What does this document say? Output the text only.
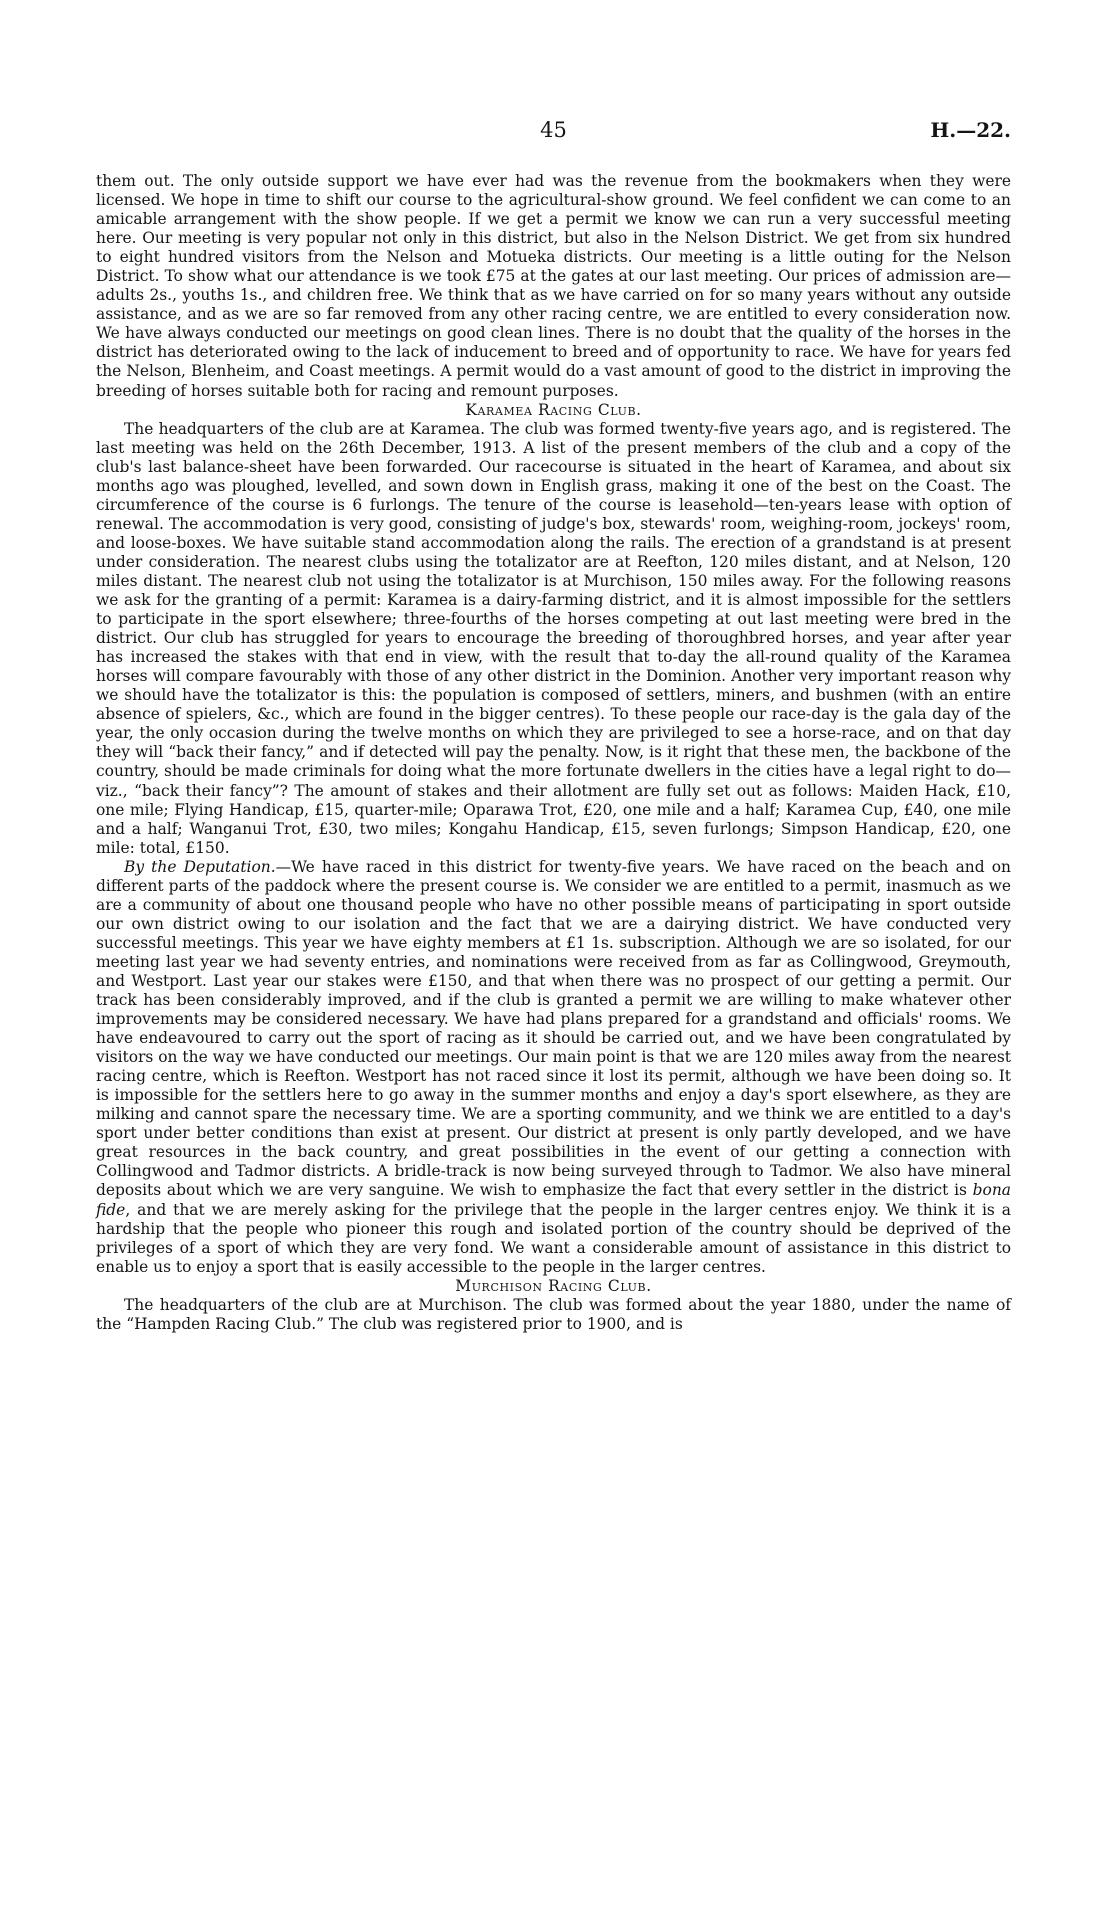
45	H.—22.

them out. The only outside support we have ever had was the revenue from the bookmakers when they were licensed. We hope in time to shift our course to the agricultural-show ground. We feel confident we can come to an amicable arrangement with the show people. If we get a permit we know we can run a very successful meeting here. Our meeting is very popular not only in this district, but also in the Nelson District. We get from six hundred to eight hundred visitors from the Nelson and Motueka districts. Our meeting is a little outing for the Nelson District. To show what our attendance is we took £75 at the gates at our last meeting. Our prices of admission are—adults 2s., youths 1s., and children free. We think that as we have carried on for so many years without any outside assistance, and as we are so far removed from any other racing centre, we are entitled to every consideration now. We have always conducted our meetings on good clean lines. There is no doubt that the quality of the horses in the district has deteriorated owing to the lack of inducement to breed and of opportunity to race. We have for years fed the Nelson, Blenheim, and Coast meetings. A permit would do a vast amount of good to the district in improving the breeding of horses suitable both for racing and remount purposes.

Karamea Racing Club.

The headquarters of the club are at Karamea. The club was formed twenty-five years ago, and is registered. The last meeting was held on the 26th December, 1913. A list of the present members of the club and a copy of the club's last balance-sheet have been forwarded. Our racecourse is situated in the heart of Karamea, and about six months ago was ploughed, levelled, and sown down in English grass, making it one of the best on the Coast. The circumference of the course is 6 furlongs. The tenure of the course is leasehold—ten-years lease with option of renewal. The accommodation is very good, consisting of judge's box, stewards' room, weighing-room, jockeys' room, and loose-boxes. We have suitable stand accommodation along the rails. The erection of a grandstand is at present under consideration. The nearest clubs using the totalizator are at Reefton, 120 miles distant, and at Nelson, 120 miles distant. The nearest club not using the totalizator is at Murchison, 150 miles away. For the following reasons we ask for the granting of a permit: Karamea is a dairy-farming district, and it is almost impossible for the settlers to participate in the sport elsewhere; three-fourths of the horses competing at out last meeting were bred in the district. Our club has struggled for years to encourage the breeding of thoroughbred horses, and year after year has increased the stakes with that end in view, with the result that to-day the all-round quality of the Karamea horses will compare favourably with those of any other district in the Dominion. Another very important reason why we should have the totalizator is this: the population is composed of settlers, miners, and bushmen (with an entire absence of spielers, &c., which are found in the bigger centres). To these people our race-day is the gala day of the year, the only occasion during the twelve months on which they are privileged to see a horse-race, and on that day they will “back their fancy,” and if detected will pay the penalty. Now, is it right that these men, the backbone of the country, should be made criminals for doing what the more fortunate dwellers in the cities have a legal right to do—viz., “back their fancy”? The amount of stakes and their allotment are fully set out as follows: Maiden Hack, £10, one mile; Flying Handicap, £15, quarter-mile; Oparawa Trot, £20, one mile and a half; Karamea Cup, £40, one mile and a half; Wanganui Trot, £30, two miles; Kongahu Handicap, £15, seven furlongs; Simpson Handicap, £20, one mile: total, £150.

By the Deputation.—We have raced in this district for twenty-five years. We have raced on the beach and on different parts of the paddock where the present course is. We consider we are entitled to a permit, inasmuch as we are a community of about one thousand people who have no other possible means of participating in sport outside our own district owing to our isolation and the fact that we are a dairying district. We have conducted very successful meetings. This year we have eighty members at £1 1s. subscription. Although we are so isolated, for our meeting last year we had seventy entries, and nominations were received from as far as Collingwood, Greymouth, and Westport. Last year our stakes were £150, and that when there was no prospect of our getting a permit. Our track has been considerably improved, and if the club is granted a permit we are willing to make whatever other improvements may be considered necessary. We have had plans prepared for a grandstand and officials' rooms. We have endeavoured to carry out the sport of racing as it should be carried out, and we have been congratulated by visitors on the way we have conducted our meetings. Our main point is that we are 120 miles away from the nearest racing centre, which is Reefton. Westport has not raced since it lost its permit, although we have been doing so. It is impossible for the settlers here to go away in the summer months and enjoy a day's sport elsewhere, as they are milking and cannot spare the necessary time. We are a sporting community, and we think we are entitled to a day's sport under better conditions than exist at present. Our district at present is only partly developed, and we have great resources in the back country, and great possibilities in the event of our getting a connection with Collingwood and Tadmor districts. A bridle-track is now being surveyed through to Tadmor. We also have mineral deposits about which we are very sanguine. We wish to emphasize the fact that every settler in the district is bona fide, and that we are merely asking for the privilege that the people in the larger centres enjoy. We think it is a hardship that the people who pioneer this rough and isolated portion of the country should be deprived of the privileges of a sport of which they are very fond. We want a considerable amount of assistance in this district to enable us to enjoy a sport that is easily accessible to the people in the larger centres.

Murchison Racing Club.

The headquarters of the club are at Murchison. The club was formed about the year 1880, under the name of the “Hampden Racing Club.” The club was registered prior to 1900, and is
